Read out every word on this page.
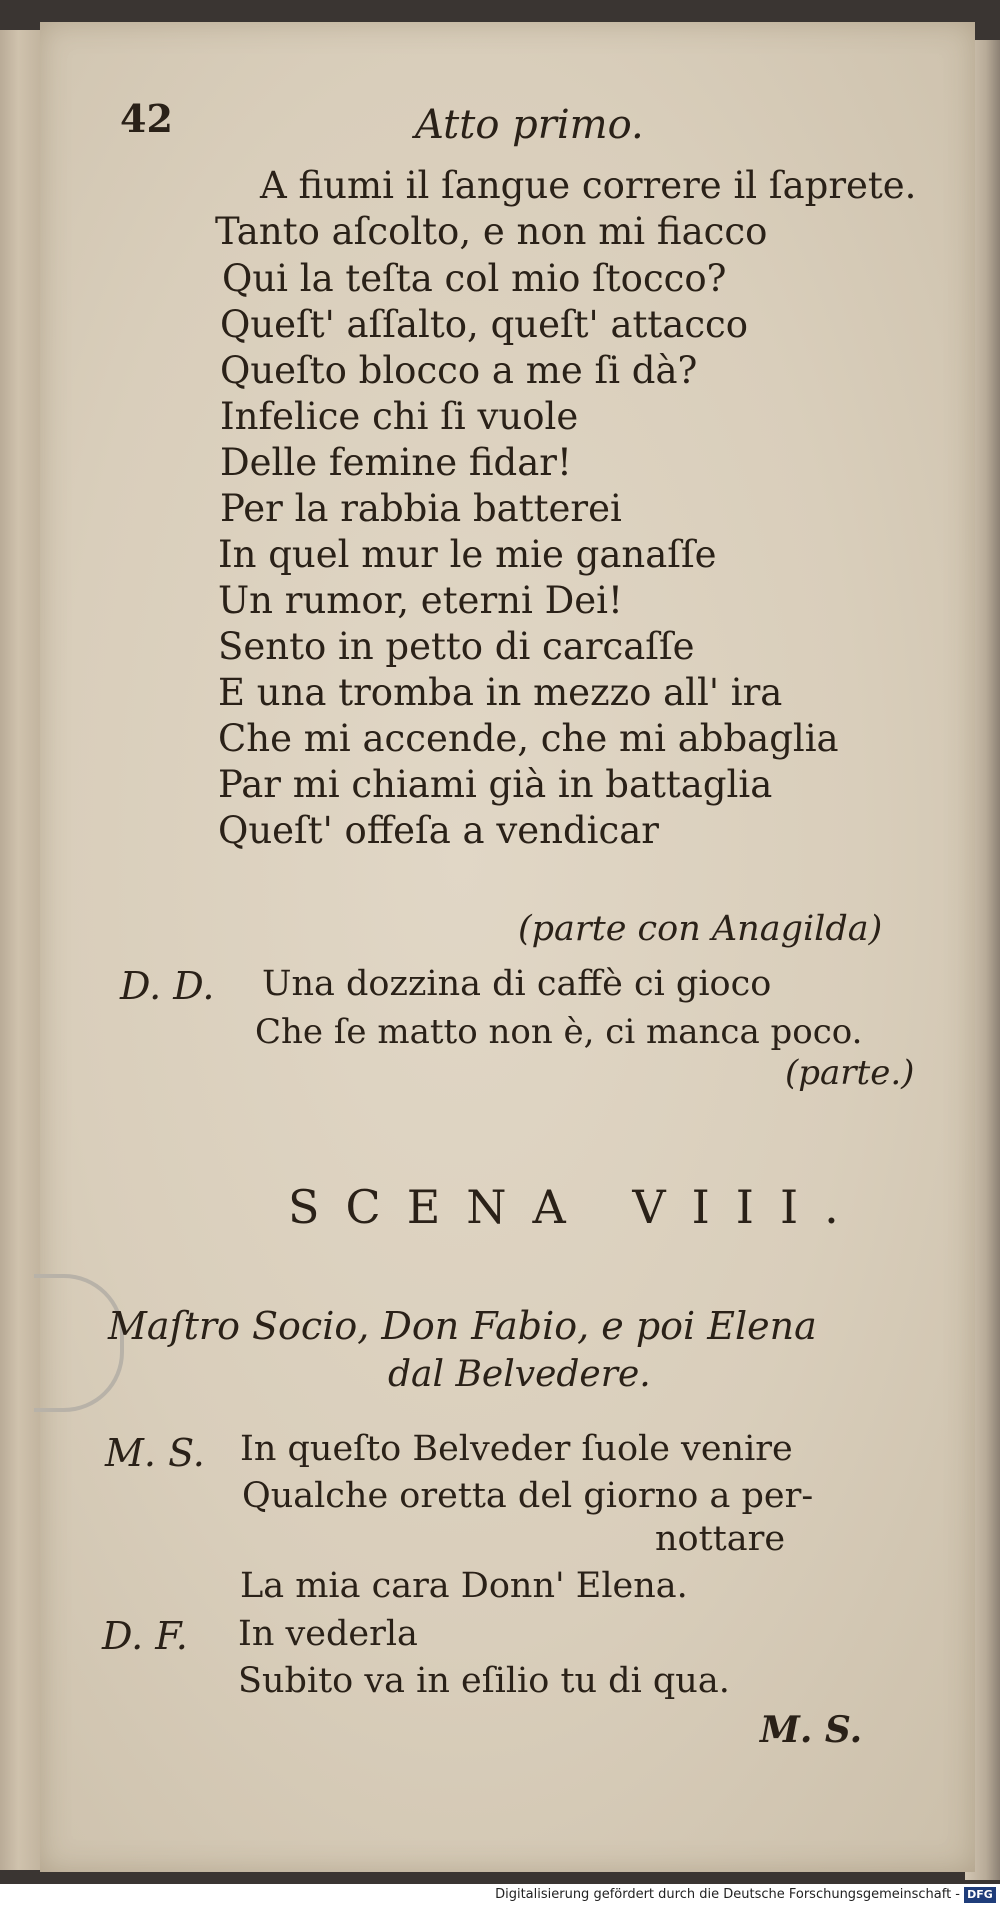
42	Atto primo.
A fiumi il ſangue correre il ſaprete.
Tanto aſcolto, e non mi fiacco
Qui la teſta col mio ſtocco?
Queſt' aſſalto, queſt' attacco
Queſto blocco a me ſi dà?
Infelice chi ſi vuole
Delle femine fidar!
Per la rabbia batterei
In quel mur le mie ganaſſe
Un rumor, eterni Dei!
Sento in petto di carcaſſe
E una tromba in mezzo all' ira
Che mi accende, che mi abbaglia
Par mi chiami già in battaglia
Queſt' offeſa a vendicar
(parte con Anagilda)
D. D. Una dozzina di caffè ci gioco
Che ſe matto non è, ci manca poco.
(parte.)
SCENA VIII.
Maſtro Socio, Don Fabio, e poi Elena
dal Belvedere.
M. S. In queſto Belveder ſuole venire
Qualche oretta del giorno a per-
nottare
La mia cara Donn' Elena.
D. F. In vederla
Subito va in eſilio tu di qua.
M. S.
Digitalisierung gefördert durch die Deutsche Forschungsgemeinschaft - DFG
